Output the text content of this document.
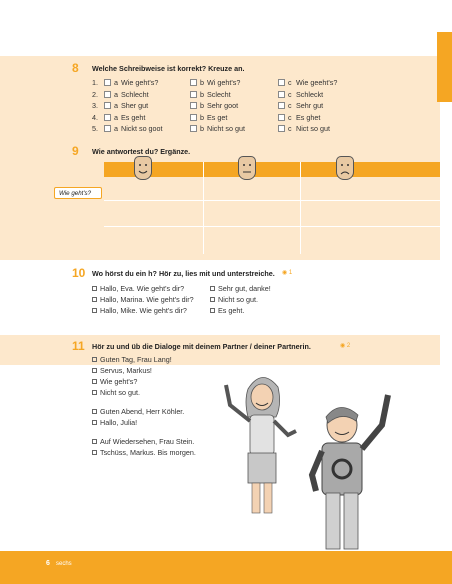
8 Welche Schreibweise ist korrekt? Kreuze an.
1. a Wie geht's?	b Wi geht's?	c Wie geeht's?
2. a Schlecht	b Sclecht	c Schleckt
3. a Sher gut	b Sehr goot	c Sehr gut
4. a Es geht	b Es get	c Es ghet
5. a Nickt so goot	b Nicht so gut	c Nict so gut
9 Wie antwortest du? Ergänze.
Wie geht's?
10 Wo hörst du ein h? Hör zu, lies mit und unterstreiche. ◉ 1
Hallo, Eva. Wie geht's dir?
Hallo, Marina. Wie geht's dir?
Hallo, Mike. Wie geht's dir?
Sehr gut, danke!
Nicht so gut.
Es geht.
11 Hör zu und üb die Dialoge mit deinem Partner / deiner Partnerin.	◉ 2
Guten Tag, Frau Lang!
Servus, Markus!
Wie geht's?
Nicht so gut.
Guten Abend, Herr Köhler.
Hallo, Julia!
Auf Wiedersehen, Frau Stein.
Tschüss, Markus. Bis morgen.
6 sechs
